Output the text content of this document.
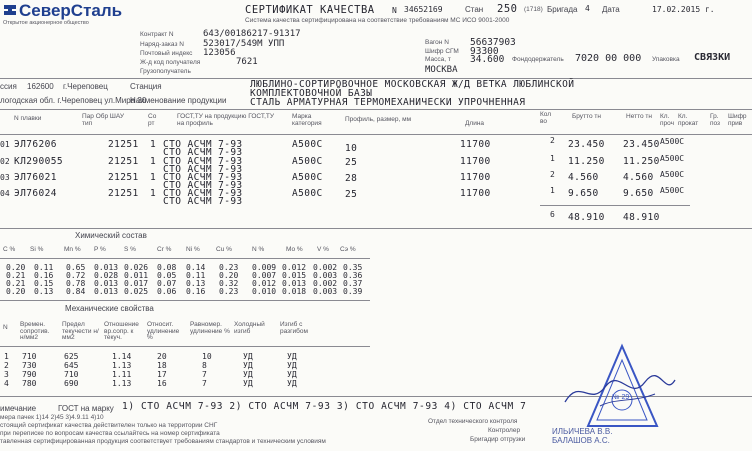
СеверСталь
Открытое акционерное общество
СЕРТИФИКАТ КАЧЕСТВА N 34652169	Стан 250 (1718) Бригада 4 Дата	17.02.2015 г.
Система качества сертифицирована на соответствие требованиям МС ИСО 9001-2000
Контракт N
Наряд-заказ N
Почтовый индекс
Ж-д код получателя
Грузополучатель
643/00186217-91317
523017/549М УПП
123056
7621
Вагон N
Шифр СГМ
Масса, т
56637903
93300
34.600 Фондодержатель 7020 00 000 Упаковка СВЯЗКИ
МОСКВА
ссия 162600 г.Череповец	Станция
логодская обл. г.Череповец ул.Мира 30
Наименование продукции
ЛЮБЛИНО-СОРТИРОВОЧНОЕ МОСКОВСКАЯ Ж/Д ВЕТКА ЛЮБЛИНСКОЙ
КОМПЛЕКТОВОЧНОЙ БАЗЫ
СТАЛЬ АРМАТУРНАЯ ТЕРМОМЕХАНИЧЕСКИ УПРОЧНЕННАЯ
N плавки	Пар Обр ШАУ тип
Со рт
ГОСТ,ТУ на продукцию ГОСТ,ТУ на профиль
Марка категория	Профиль, размер, мм
Длина
Кол во
Брутто тн	Нетто тн Кл. проч
Кл. прокат
Гр. поз
Шифр прив
01 ЭЛ76206	21251 1 СТО АСЧМ 7-93
СТО АСЧМ 7-93
А500С 10	11700	2 23.450 23.450 А500С
02 КЛ290055	21251 1 СТО АСЧМ 7-93
СТО АСЧМ 7-93
А500С 25	11700	1 11.250 11.250 А500С
03 ЭЛ76021	21251 1 СТО АСЧМ 7-93
СТО АСЧМ 7-93
А500С 28	11700	2 4.560	4.560 А500С
04 ЭЛ76024	21251 1 СТО АСЧМ 7-93
СТО АСЧМ 7-93
А500С 25	11700	1 9.650	9.650 А500С
6 48.910 48.910
Химический состав
С % Si %	Mn % P %	S %	Cr % Ni %	Cu %	N %	Мо % V % Сэ %
0.20 0.11 0.65 0.013 0.026 0.08 0.14 0.23 0.009 0.012 0.002 0.35
0.21 0.16 0.72 0.028 0.011 0.05 0.11 0.20 0.007 0.015 0.003 0.36
0.21 0.15 0.78 0.013 0.017 0.07 0.13 0.32 0.012 0.013 0.002 0.37
0.20 0.13 0.84 0.013 0.025 0.06 0.16 0.23 0.010 0.018 0.003 0.39
Механические свойства
N Времен. сопротив. н/мм2
Предел текучести н/мм2
Отношение вр.сопр. к текуч.
Относит. удлинение %
Равномер. удлинение %
Холодный изгиб
Изгиб с разгибом
1 710	625	1.14	20	10	УД	УД
2 730	645	1.13	18	8	УД	УД
3 790	710	1.11	17	7	УД	УД
4 780	690	1.13	16	7	УД	УД
имечание	ГОСТ на марку 1) СТО АСЧМ 7-93 2) СТО АСЧМ 7-93 3) СТО АСЧМ 7-93 4) СТО АСЧМ 7
мера пачек 1)14 2)45 3)4.9.11 4)10
стоящий сертификат качества действителен только на территории СНГ
при переписке по вопросам качества ссылайтесь на номер сертификата
тавленная сертифицированная продукция соответствует требованиям стандартов и техническим условиям
Отдел технического контроля
Контролер
Бригадир отгрузки
ИЛЬИЧЕВА В.В.
БАЛАШОВ А.С.
№ 29
